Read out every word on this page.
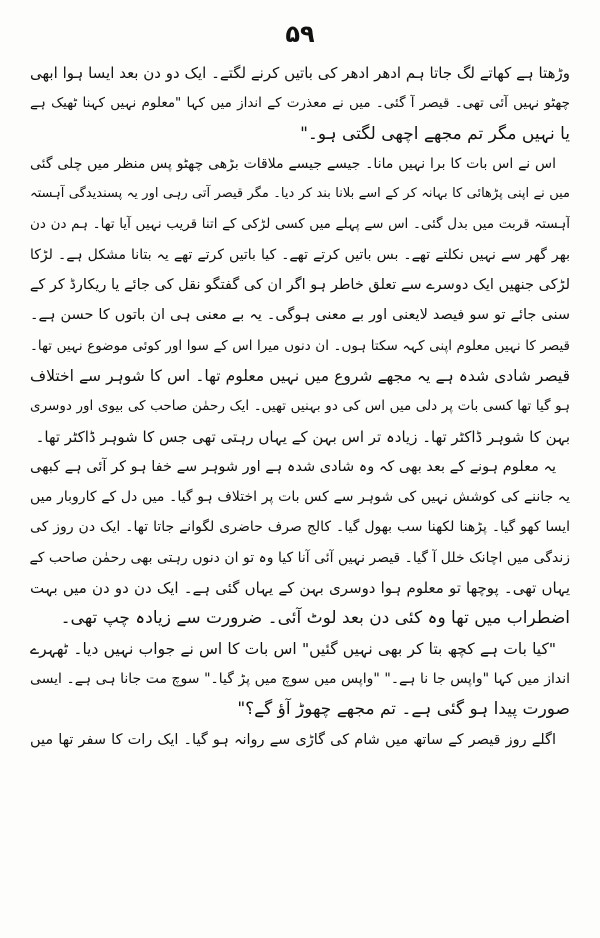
۵۹
وڑھتا ہے کھاتے لگ جاتا ہم ادھر ادھر کی باتیں کرنے لگتے۔ ایک دو دن بعد ایسا ہوا ابھی
چھٹو نہیں آئی تھی۔ قیصر آ گئی۔ میں نے معذرت کے انداز میں کہا "معلوم نہیں کہنا ٹھیک ہے
یا نہیں مگر تم مجھے اچھی لگتی ہو۔"
اس نے اس بات کا برا نہیں مانا۔ جیسے جیسے ملاقات بڑھی چھٹو پس منظر میں چلی گئی
میں نے اپنی پڑھائی کا بہانہ کر کے اسے بلانا بند کر دیا۔ مگر قیصر آتی رہی اور یہ پسندیدگی آہستہ
آہستہ قربت میں بدل گئی۔ اس سے پہلے میں کسی لڑکی کے اتنا قریب نہیں آیا تھا۔ ہم دن دن
بھر گھر سے نہیں نکلتے تھے۔ بس باتیں کرتے تھے۔ کیا باتیں کرتے تھے یہ بتانا مشکل ہے۔ لڑکا
لڑکی جنھیں ایک دوسرے سے تعلق خاطر ہو اگر ان کی گفتگو نقل کی جائے یا ریکارڈ کر کے
سنی جائے تو سو فیصد لایعنی اور بے معنی ہوگی۔ یہ بے معنی ہی ان باتوں کا حسن ہے۔
قیصر کا نہیں معلوم اپنی کہہ سکتا ہوں۔ ان دنوں میرا اس کے سوا اور کوئی موضوع نہیں تھا۔
قیصر شادی شدہ ہے یہ مجھے شروع میں نہیں معلوم تھا۔ اس کا شوہر سے اختلاف
ہو گیا تھا کسی بات پر دلی میں اس کی دو بہنیں تھیں۔ ایک رحمٰن صاحب کی بیوی اور دوسری
بہن کا شوہر ڈاکٹر تھا۔ زیادہ تر اس بہن کے یہاں رہتی تھی جس کا شوہر ڈاکٹر تھا۔
یہ معلوم ہونے کے بعد بھی کہ وہ شادی شدہ ہے اور شوہر سے خفا ہو کر آئی ہے کبھی
یہ جاننے کی کوشش نہیں کی شوہر سے کس بات پر اختلاف ہو گیا۔ میں دل کے کاروبار میں
ایسا کھو گیا۔ پڑھنا لکھنا سب بھول گیا۔ کالج صرف حاضری لگوانے جاتا تھا۔ ایک دن روز کی
زندگی میں اچانک خلل آ گیا۔ قیصر نہیں آئی آنا کیا وہ تو ان دنوں رہتی بھی رحمٰن صاحب کے
یہاں تھی۔ پوچھا تو معلوم ہوا دوسری بہن کے یہاں گئی ہے۔ ایک دن دو دن میں بہت
اضطراب میں تھا وہ کئی دن بعد لوٹ آئی۔ ضرورت سے زیادہ چپ تھی۔
"کیا بات ہے کچھ بتا کر بھی نہیں گئیں" اس بات کا اس نے جواب نہیں دیا۔ ٹھہرے
انداز میں کہا "واپس جا نا ہے۔" "واپس میں سوچ میں پڑ گیا۔" سوچ مت جانا ہی ہے۔ ایسی
صورت پیدا ہو گئی ہے۔ تم مجھے چھوڑ آؤ گے؟"
اگلے روز قیصر کے ساتھ میں شام کی گاڑی سے روانہ ہو گیا۔ ایک رات کا سفر تھا میں
